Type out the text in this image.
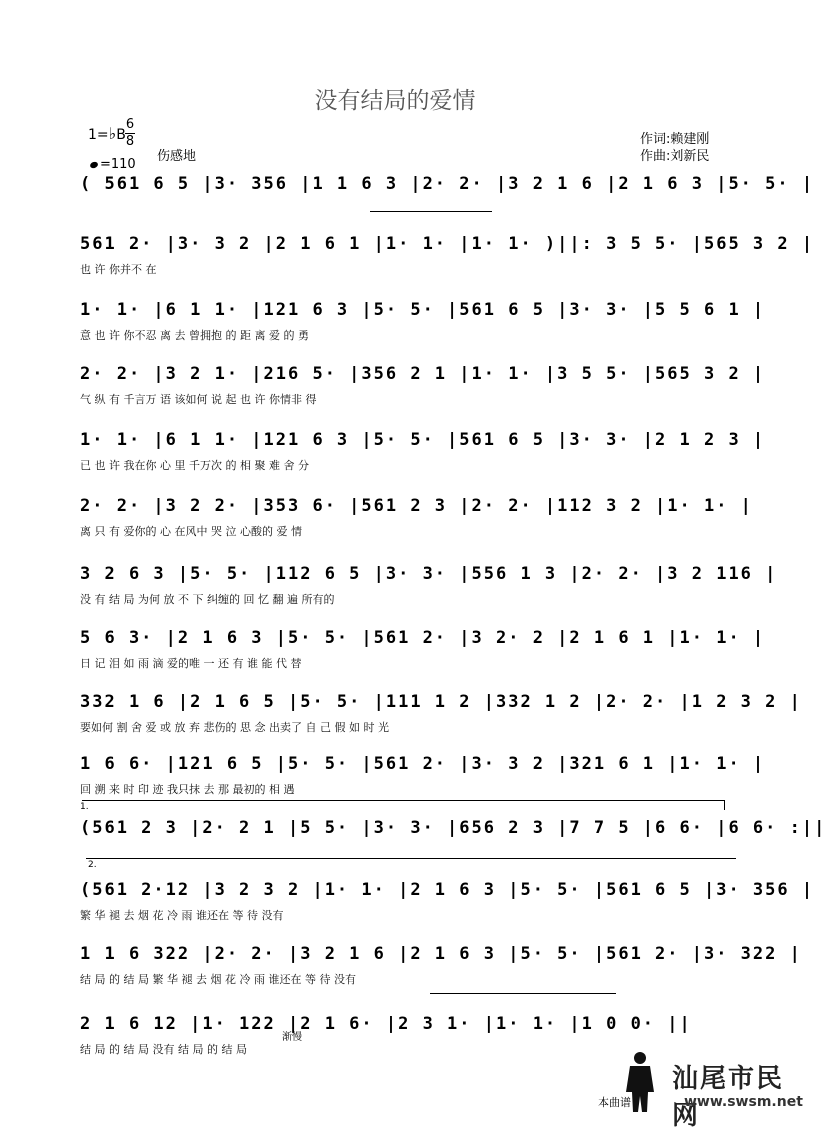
没有结局的爱情
1=♭B
6
8
=110
伤感地
作词:赖建刚
作曲:刘新民
( 561 6 5 |3· 356 |1 1 6 3 |2· 2· |3 2 1 6 |2 1 6 3 |5· 5· |
561 2· |3· 3 2 |2 1 6 1 |1· 1· |1· 1· )||: 3 5 5· |565 3 2 |
也 许 你并不 在
1· 1· |6 1 1· |121 6 3 |5· 5· |561 6 5 |3· 3· |5 5 6 1 |
意 也 许 你不忍 离 去 曾拥抱 的 距 离 爱 的 勇
2· 2· |3 2 1· |216 5· |356 2 1 |1· 1· |3 5 5· |565 3 2 |
气 纵 有 千言万 语 该如何 说 起 也 许 你情非 得
1· 1· |6 1 1· |121 6 3 |5· 5· |561 6 5 |3· 3· |2 1 2 3 |
已 也 许 我在你 心 里 千万次 的 相 聚 难 舍 分
2· 2· |3 2 2· |353 6· |561 2 3 |2· 2· |112 3 2 |1· 1· |
离 只 有 爱你的 心 在风中 哭 泣 心酸的 爱 情
3 2 6 3 |5· 5· |112 6 5 |3· 3· |556 1 3 |2· 2· |3 2 116 |
没 有 结 局 为何 放 不 下 纠缠的 回 忆 翻 遍 所有的
5 6 3· |2 1 6 3 |5· 5· |561 2· |3 2· 2 |2 1 6 1 |1· 1· |
日 记 泪 如 雨 滴 爱的唯 一 还 有 谁 能 代 替
332 1 6 |2 1 6 5 |5· 5· |111 1 2 |332 1 2 |2· 2· |1 2 3 2 |
要如何 割 舍 爱 或 放 弃 悲伤的 思 念 出卖了 自 己 假 如 时 光
1 6 6· |121 6 5 |5· 5· |561 2· |3· 3 2 |321 6 1 |1· 1· |
回 溯 来 时 印 迹 我只抹 去 那 最初的 相 遇
(561 2 3 |2· 2 1 |5 5· |3· 3· |656 2 3 |7 7 5 |6 6· |6 6· :||
(561 2·12 |3 2 3 2 |1· 1· |2 1 6 3 |5· 5· |561 6 5 |3· 356 |
繁 华 褪 去 烟 花 冷 雨 谁还在 等 待 没有
1 1 6 322 |2· 2· |3 2 1 6 |2 1 6 3 |5· 5· |561 2· |3· 322 |
结 局 的 结 局 繁 华 褪 去 烟 花 冷 雨 谁还在 等 待 没有
2 1 6 12 |1· 122 |2 1 6· |2 3 1· |1· 1· |1 0 0· ||
结 局 的 结 局 没有 结 局 的 结 局
1.
2.
渐慢
汕尾市民网
www.swsm.net
本曲谱
